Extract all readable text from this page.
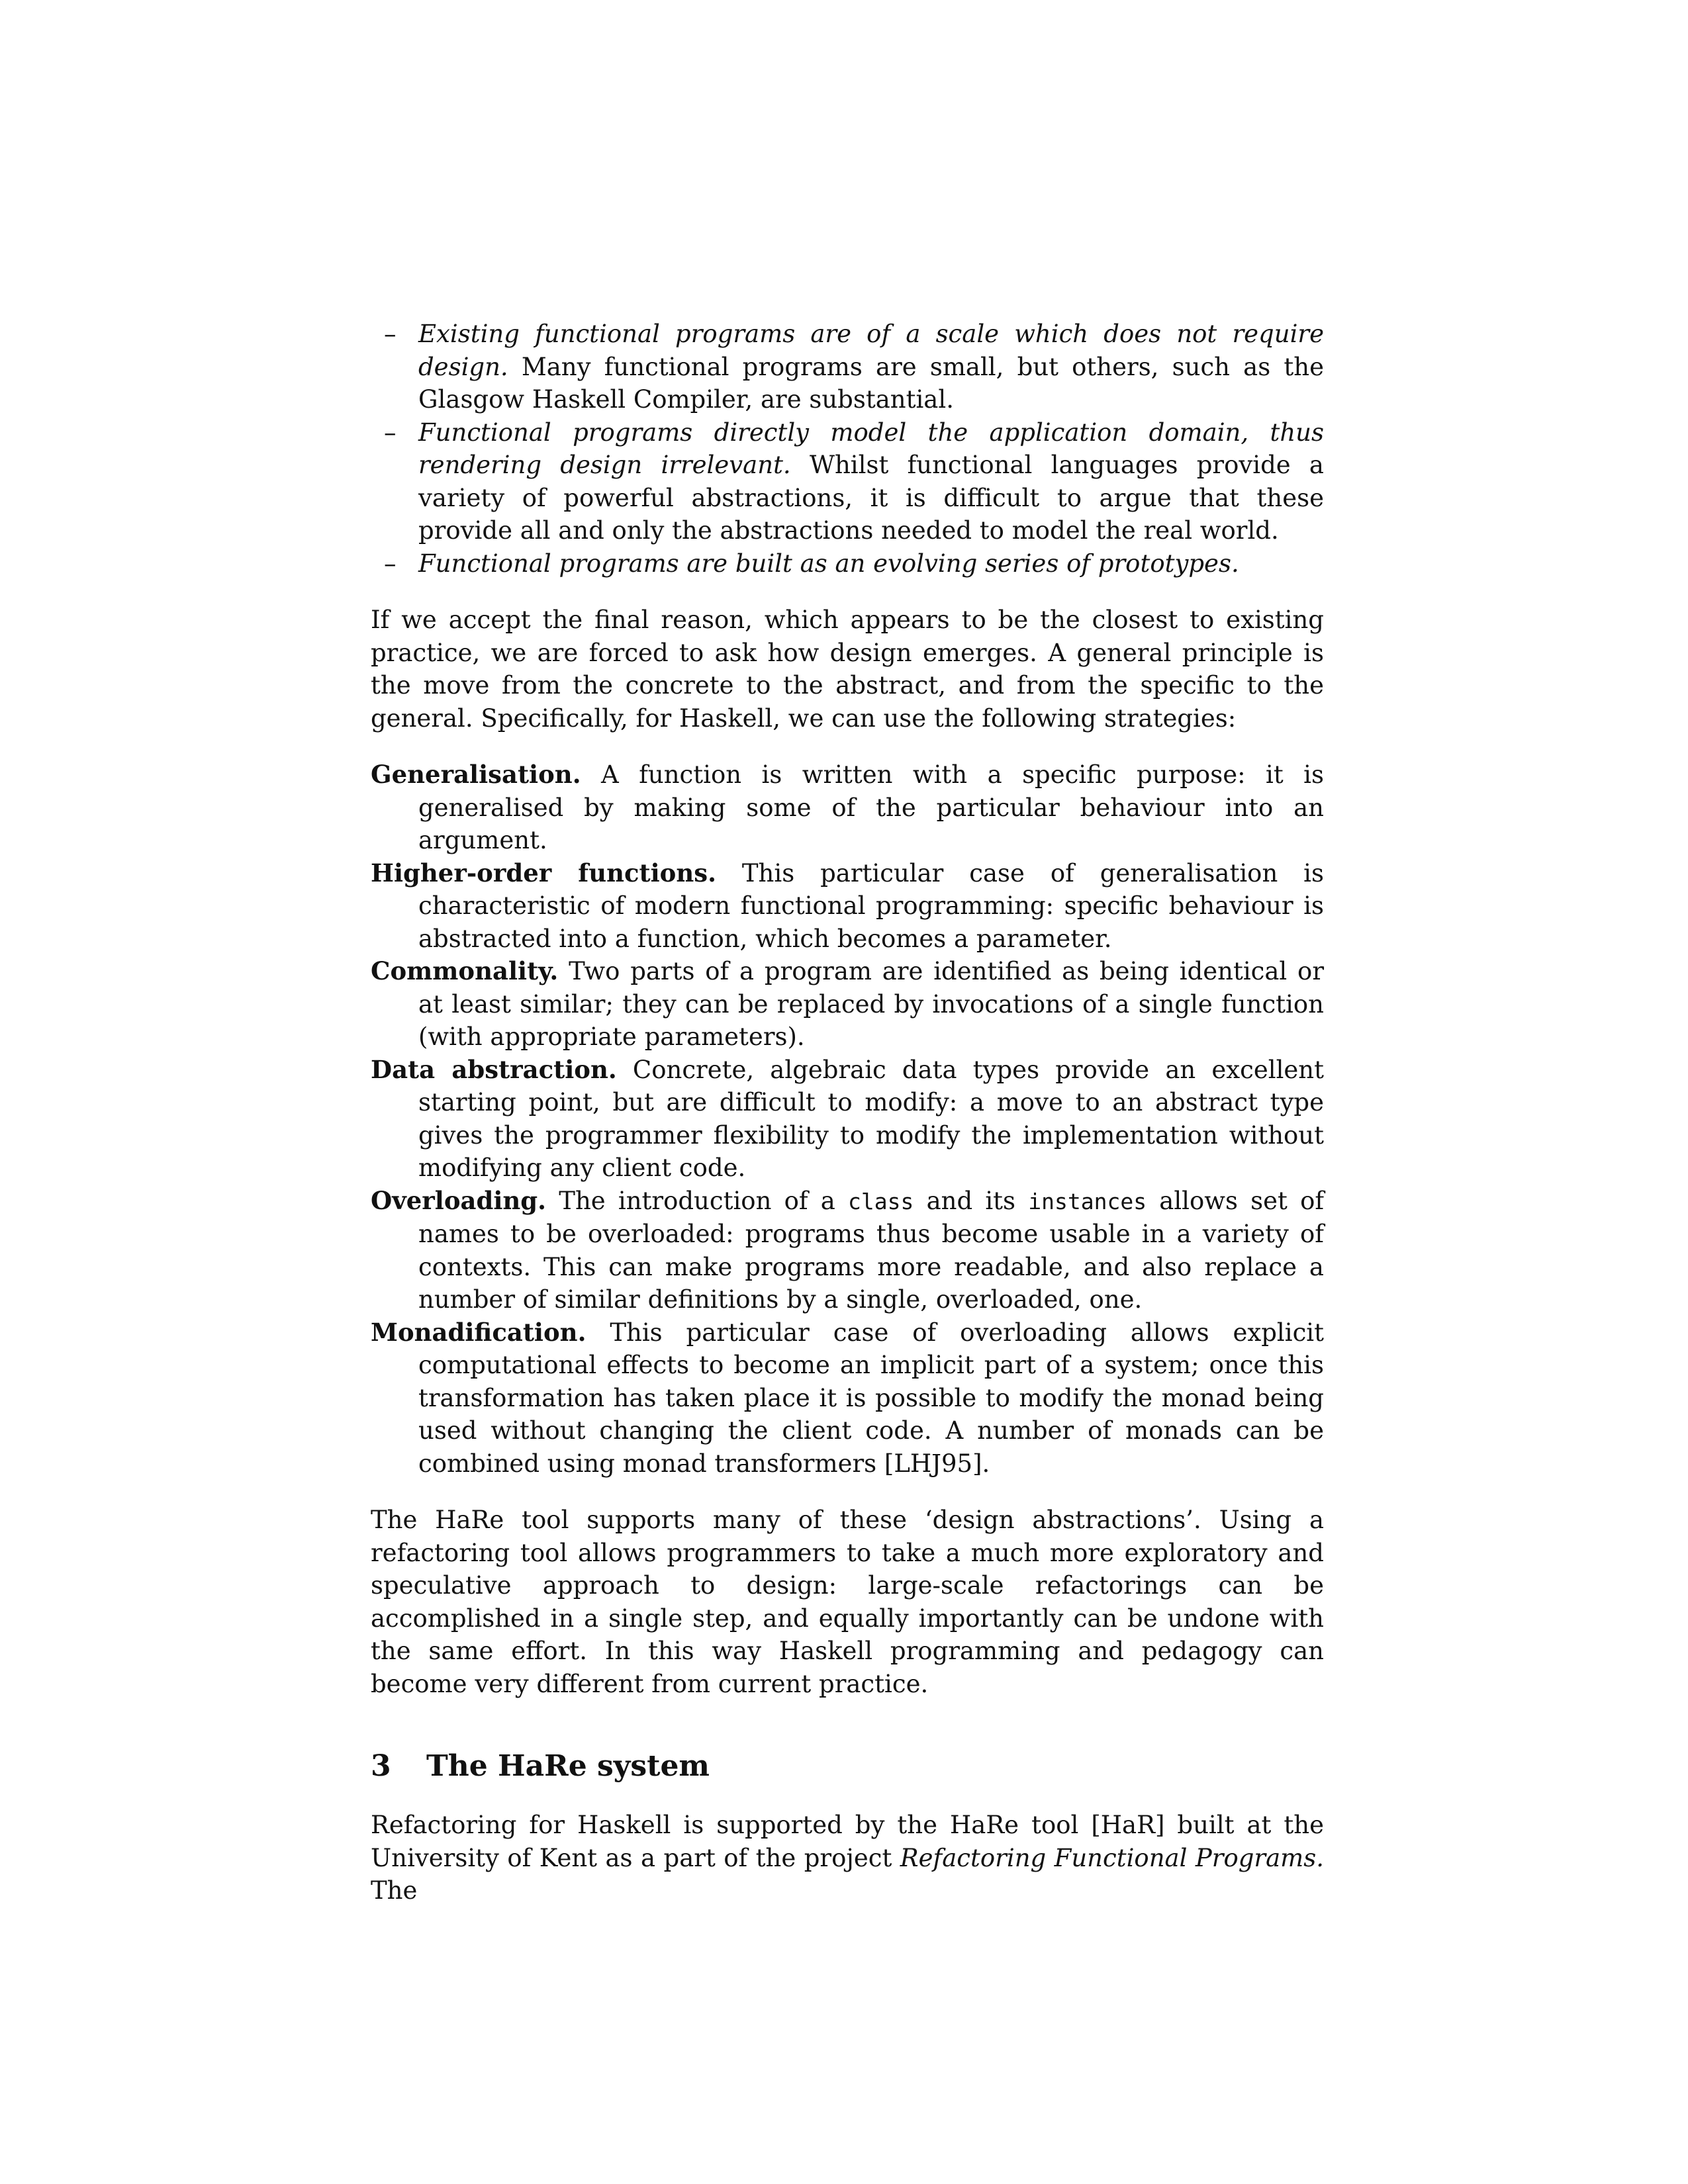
– Existing functional programs are of a scale which does not require design. Many functional programs are small, but others, such as the Glasgow Haskell Compiler, are substantial.
– Functional programs directly model the application domain, thus rendering design irrelevant. Whilst functional languages provide a variety of powerful abstractions, it is difficult to argue that these provide all and only the abstractions needed to model the real world.
– Functional programs are built as an evolving series of prototypes.

If we accept the final reason, which appears to be the closest to existing practice, we are forced to ask how design emerges. A general principle is the move from the concrete to the abstract, and from the specific to the general. Specifically, for Haskell, we can use the following strategies:

Generalisation. A function is written with a specific purpose: it is generalised by making some of the particular behaviour into an argument.
Higher-order functions. This particular case of generalisation is characteristic of modern functional programming: specific behaviour is abstracted into a function, which becomes a parameter.
Commonality. Two parts of a program are identified as being identical or at least similar; they can be replaced by invocations of a single function (with appropriate parameters).
Data abstraction. Concrete, algebraic data types provide an excellent starting point, but are difficult to modify: a move to an abstract type gives the programmer flexibility to modify the implementation without modifying any client code.
Overloading. The introduction of a class and its instances allows set of names to be overloaded: programs thus become usable in a variety of contexts. This can make programs more readable, and also replace a number of similar definitions by a single, overloaded, one.
Monadification. This particular case of overloading allows explicit computational effects to become an implicit part of a system; once this transformation has taken place it is possible to modify the monad being used without changing the client code. A number of monads can be combined using monad transformers [LHJ95].

The HaRe tool supports many of these ‘design abstractions’. Using a refactoring tool allows programmers to take a much more exploratory and speculative approach to design: large-scale refactorings can be accomplished in a single step, and equally importantly can be undone with the same effort. In this way Haskell programming and pedagogy can become very different from current practice.

3 The HaRe system

Refactoring for Haskell is supported by the HaRe tool [HaR] built at the University of Kent as a part of the project Refactoring Functional Programs. The
